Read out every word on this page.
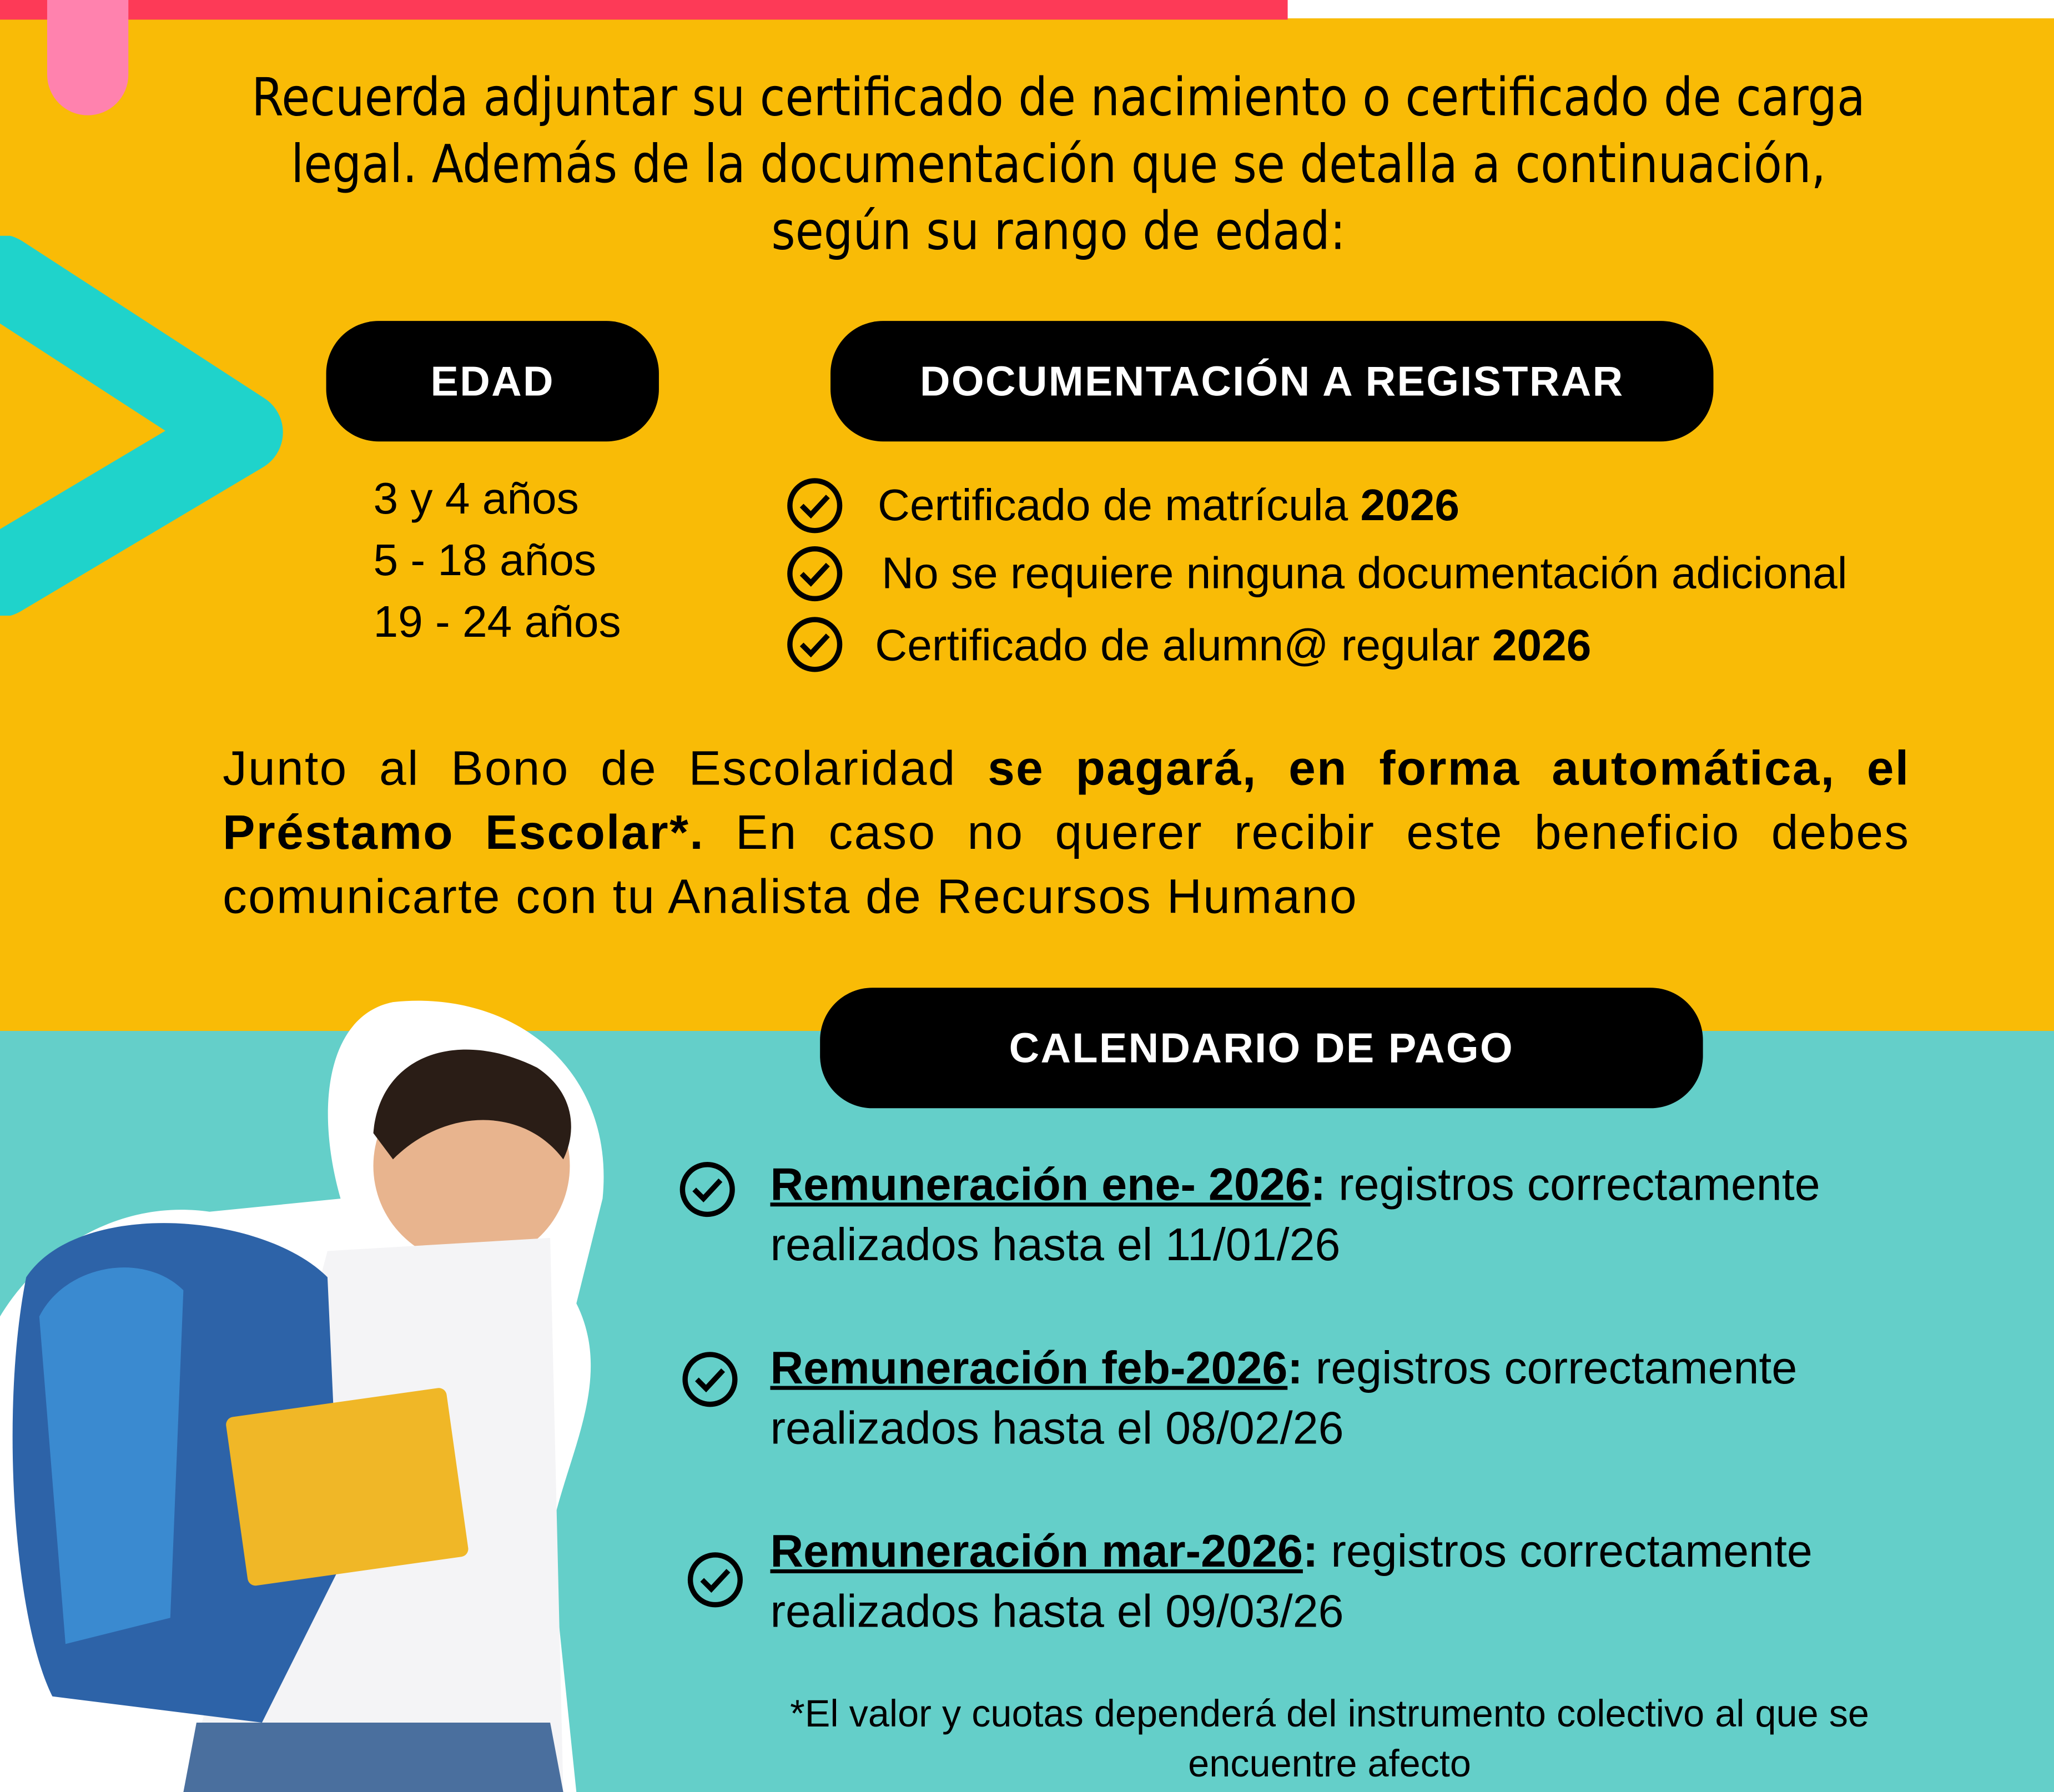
Recuerda adjuntar su certificado de nacimiento o certificado de carga legal. Además de la documentación que se detalla a continuación, según su rango de edad:
EDAD	DOCUMENTACIÓN A REGISTRAR
3 y 4 años
5 - 18 años
19 - 24 años
Certificado de matrícula 2026
No se requiere ninguna documentación adicional
Certificado de alumn@ regular 2026
Junto al Bono de Escolaridad se pagará, en forma automática, el Préstamo Escolar*. En caso no querer recibir este beneficio debes comunicarte con tu Analista de Recursos Humano
CALENDARIO DE PAGO
Remuneración ene- 2026: registros correctamente realizados hasta el 11/01/26
Remuneración feb-2026: registros correctamente realizados hasta el 08/02/26
Remuneración mar-2026: registros correctamente realizados hasta el 09/03/26
*El valor y cuotas dependerá del instrumento colectivo al que se encuentre afecto
